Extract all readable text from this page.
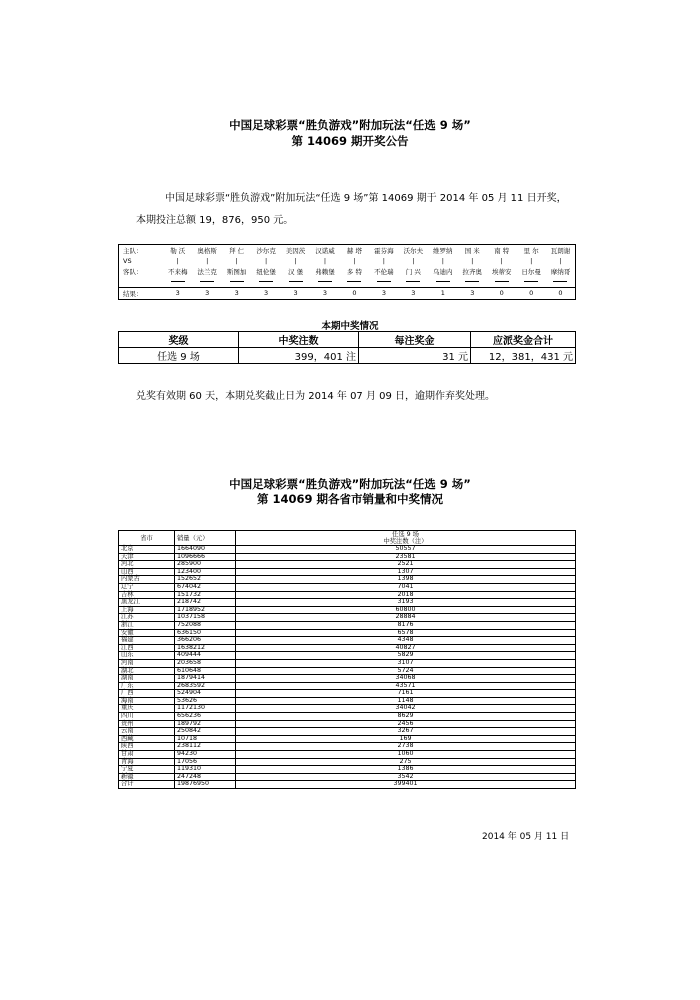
中国足球彩票“胜负游戏”附加玩法“任选 9 场”
第 14069 期开奖公告
中国足球彩票“胜负游戏”附加玩法“任选 9 场”第 14069 期于 2014 年 05 月 11 日开奖，
本期投注总额 19，876，950 元。
主队：	勒 沃	奥格斯	拜 仁	沙尔克	美因茨	汉诺威	赫 塔	霍芬海	沃尔夫	维罗纳	国 米	南 特	里 尔	瓦朗谢
VS	|	|	|	|	|	|	|	|	|	|	|	|	|	|
客队：	不来梅	法兰克	斯图加	纽伦堡	汉 堡	弗赖堡	多 特	不伦瑞	门 兴	乌迪内	拉齐奥	埃蒂安	日尔曼	摩纳哥

结果：	3	3	3	3	3	3	0	3	3	1	3	0	0	0
本期中奖情况
奖级	中奖注数	每注奖金	应派奖金合计
任选 9 场	399，401 注	31 元	12，381，431 元
兑奖有效期 60 天，本期兑奖截止日为 2014 年 07 月 09 日，逾期作弃奖处理。
中国足球彩票“胜负游戏”附加玩法“任选 9 场”
第 14069 期各省市销量和中奖情况
省市	销量（元）	任选 9 场
中奖注数（注）

北京	1664090	50557
天津	1096666	23581
河北	285900	2521
山西	123400	1307
内蒙古	152652	1398
辽宁	674042	7041
吉林	151732	2018
黑龙江	218742	3193
上海	1718952	60800
江苏	1037158	28884
浙江	752088	8176
安徽	636150	6578
福建	366206	4348
江西	1638212	40827
山东	409444	5829
河南	203658	3107
湖北	610648	5724
湖南	1879414	34068
广东	2683592	43571
广西	524904	7161
海南	53626	1148
重庆	1172130	34042
四川	656236	8629
贵州	189792	2456
云南	250842	3267
西藏	10718	169
陕西	238112	2738
甘肃	94230	1060
青海	17056	275
宁夏	119310	1386
新疆	247248	3542
合计	19876950	399401
2014 年 05 月 11 日
